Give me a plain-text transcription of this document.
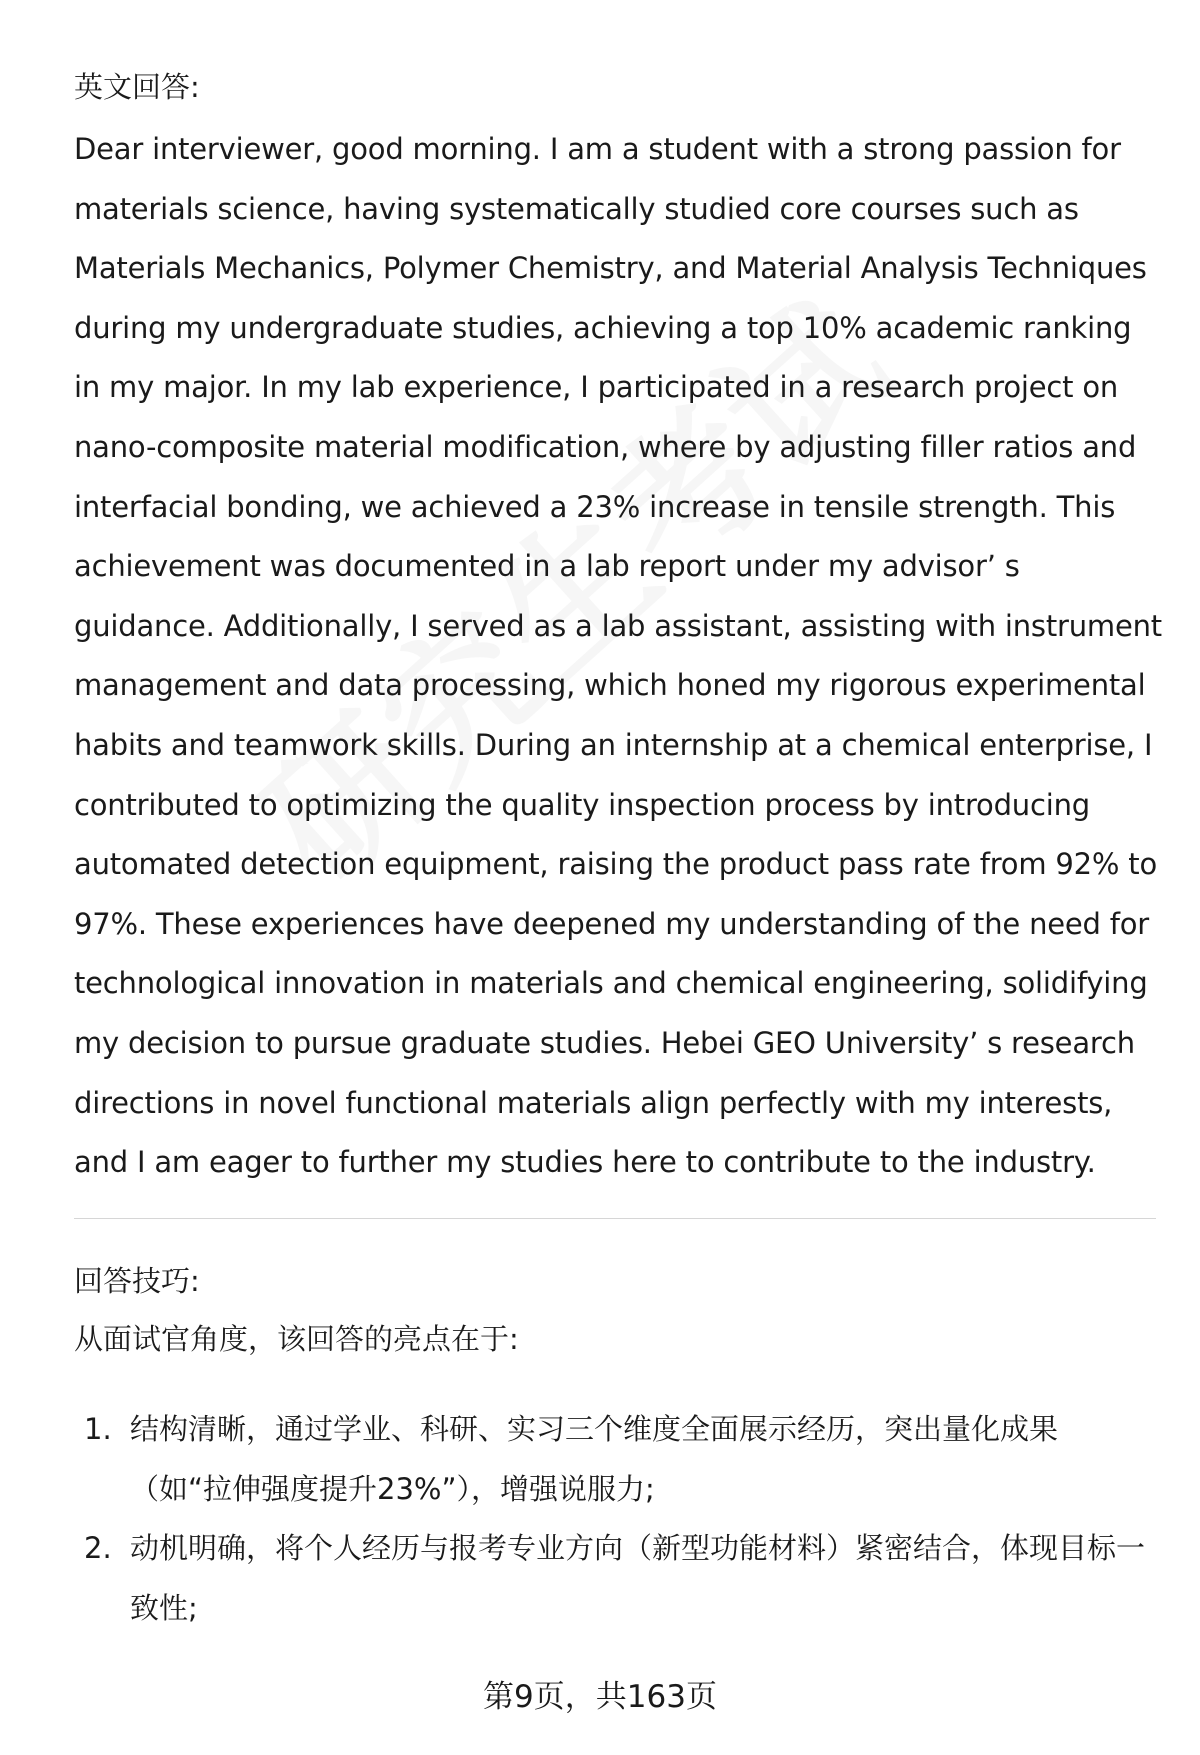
英文回答:

Dear interviewer, good morning. I am a student with a strong passion for materials science, having systematically studied core courses such as Materials Mechanics, Polymer Chemistry, and Material Analysis Techniques during my undergraduate studies, achieving a top 10% academic ranking in my major. In my lab experience, I participated in a research project on nano-composite material modification, where by adjusting filler ratios and interfacial bonding, we achieved a 23% increase in tensile strength. This achievement was documented in a lab report under my advisor’ s guidance. Additionally, I served as a lab assistant, assisting with instrument management and data processing, which honed my rigorous experimental habits and teamwork skills. During an internship at a chemical enterprise, I contributed to optimizing the quality inspection process by introducing automated detection equipment, raising the product pass rate from 92% to 97%. These experiences have deepened my understanding of the need for technological innovation in materials and chemical engineering, solidifying my decision to pursue graduate studies. Hebei GEO University’ s research directions in novel functional materials align perfectly with my interests, and I am eager to further my studies here to contribute to the industry.

回答技巧:
从面试官角度，该回答的亮点在于:
1. 结构清晰，通过学业、科研、实习三个维度全面展示经历，突出量化成果（如“拉伸强度提升23%”），增强说服力;
2. 动机明确，将个人经历与报考专业方向（新型功能材料）紧密结合，体现目标一致性;
第9页，共163页
